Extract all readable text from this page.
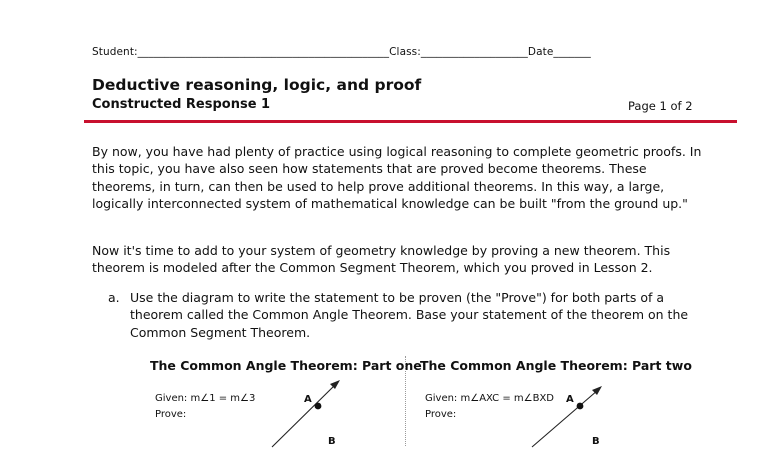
Student:_______________________________________________Class:____________________Date_______
Deductive reasoning, logic, and proof
Constructed Response 1	Page 1 of 2

By now, you have had plenty of practice using logical reasoning to complete geometric proofs. In this topic, you have also seen how statements that are proved become theorems. These theorems, in turn, can then be used to help prove additional theorems. In this way, a large, logically interconnected system of mathematical knowledge can be built "from the ground up."

Now it's time to add to your system of geometry knowledge by proving a new theorem. This theorem is modeled after the Common Segment Theorem, which you proved in Lesson 2.

a. Use the diagram to write the statement to be proven (the "Prove") for both parts of a theorem called the Common Angle Theorem. Base your statement of the theorem on the Common Segment Theorem.
The Common Angle Theorem: Part one
Given: m∠1 = m∠3
Prove:
A
B
The Common Angle Theorem: Part two
Given: m∠AXC = m∠BXD
Prove:
A
B
